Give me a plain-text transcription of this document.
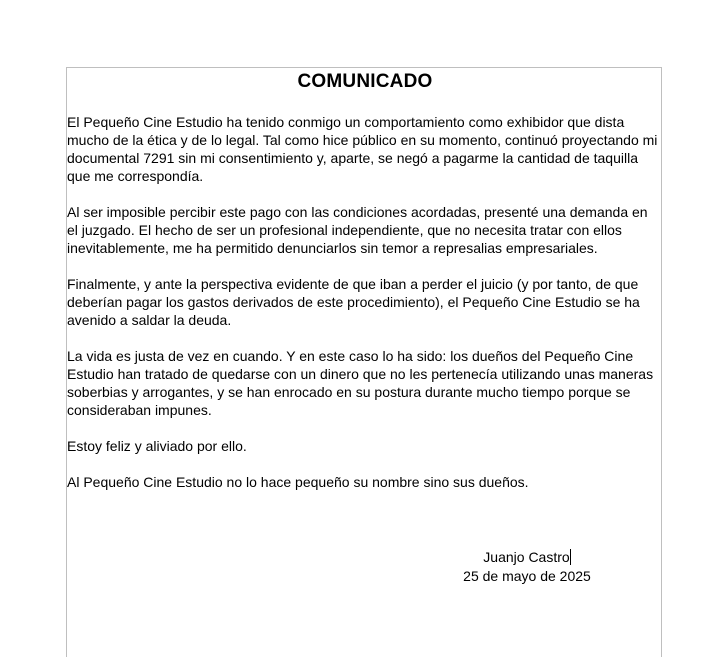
COMUNICADO

El Pequeño Cine Estudio ha tenido conmigo un comportamiento como exhibidor que dista mucho de la ética y de lo legal. Tal como hice público en su momento, continuó proyectando mi documental 7291 sin mi consentimiento y, aparte, se negó a pagarme la cantidad de taquilla que me correspondía.

Al ser imposible percibir este pago con las condiciones acordadas, presenté una demanda en el juzgado. El hecho de ser un profesional independiente, que no necesita tratar con ellos inevitablemente, me ha permitido denunciarlos sin temor a represalias empresariales.

Finalmente, y ante la perspectiva evidente de que iban a perder el juicio (y por tanto, de que deberían pagar los gastos derivados de este procedimiento), el Pequeño Cine Estudio se ha avenido a saldar la deuda.

La vida es justa de vez en cuando. Y en este caso lo ha sido: los dueños del Pequeño Cine Estudio han tratado de quedarse con un dinero que no les pertenecía utilizando unas maneras soberbias y arrogantes, y se han enrocado en su postura durante mucho tiempo porque se consideraban impunes.

Estoy feliz y aliviado por ello.

Al Pequeño Cine Estudio no lo hace pequeño su nombre sino sus dueños.

Juanjo Castro
25 de mayo de 2025
